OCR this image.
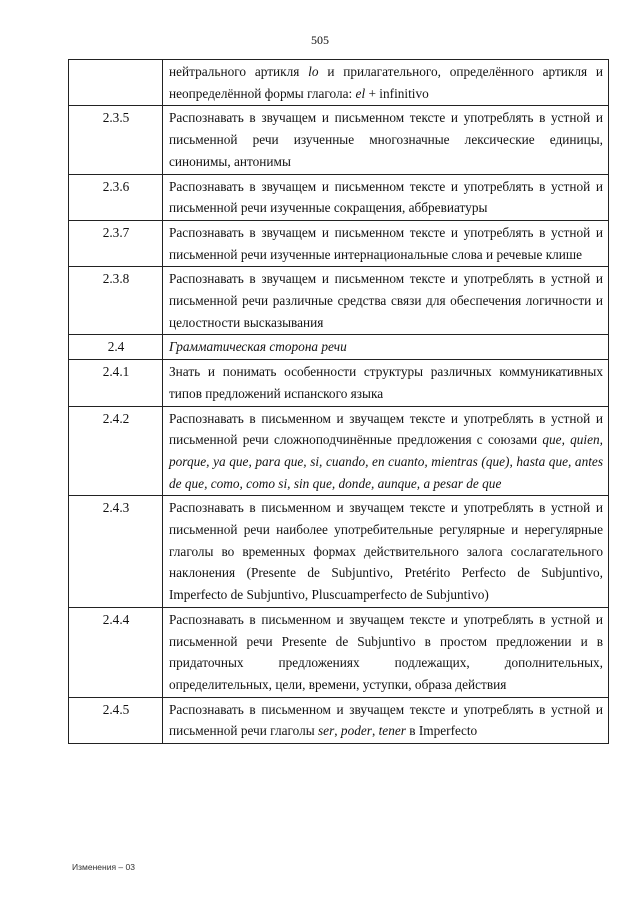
505
	нейтрального артикля lo и прилагательного, определённого артикля и неопределённой формы глагола: el + infinitivo
2.3.5	Распознавать в звучащем и письменном тексте и употреблять в устной и письменной речи изученные многозначные лексические единицы, синонимы, антонимы
2.3.6	Распознавать в звучащем и письменном тексте и употреблять в устной и письменной речи изученные сокращения, аббревиатуры
2.3.7	Распознавать в звучащем и письменном тексте и употреблять в устной и письменной речи изученные интернациональные слова и речевые клише
2.3.8	Распознавать в звучащем и письменном тексте и употреблять в устной и письменной речи различные средства связи для обеспечения логичности и целостности высказывания
2.4	Грамматическая сторона речи
2.4.1	Знать и понимать особенности структуры различных коммуникативных типов предложений испанского языка
2.4.2	Распознавать в письменном и звучащем тексте и употреблять в устной и письменной речи сложноподчинённые предложения с союзами que, quien, porque, ya que, para que, si, cuando, en cuanto, mientras (que), hasta que, antes de que, como, como si, sin que, donde, aunque, a pesar de que
2.4.3	Распознавать в письменном и звучащем тексте и употреблять в устной и письменной речи наиболее употребительные регулярные и нерегулярные глаголы во временных формах действительного залога сослагательного наклонения (Presente de Subjuntivo, Pretérito Perfecto de Subjuntivo, Imperfecto de Subjuntivo, Pluscuamperfecto de Subjuntivo)
2.4.4	Распознавать в письменном и звучащем тексте и употреблять в устной и письменной речи Presente de Subjuntivo в простом предложении и в придаточных предложениях подлежащих, дополнительных, определительных, цели, времени, уступки, образа действия
2.4.5	Распознавать в письменном и звучащем тексте и употреблять в устной и письменной речи глаголы ser, poder, tener в Imperfecto
Изменения – 03
